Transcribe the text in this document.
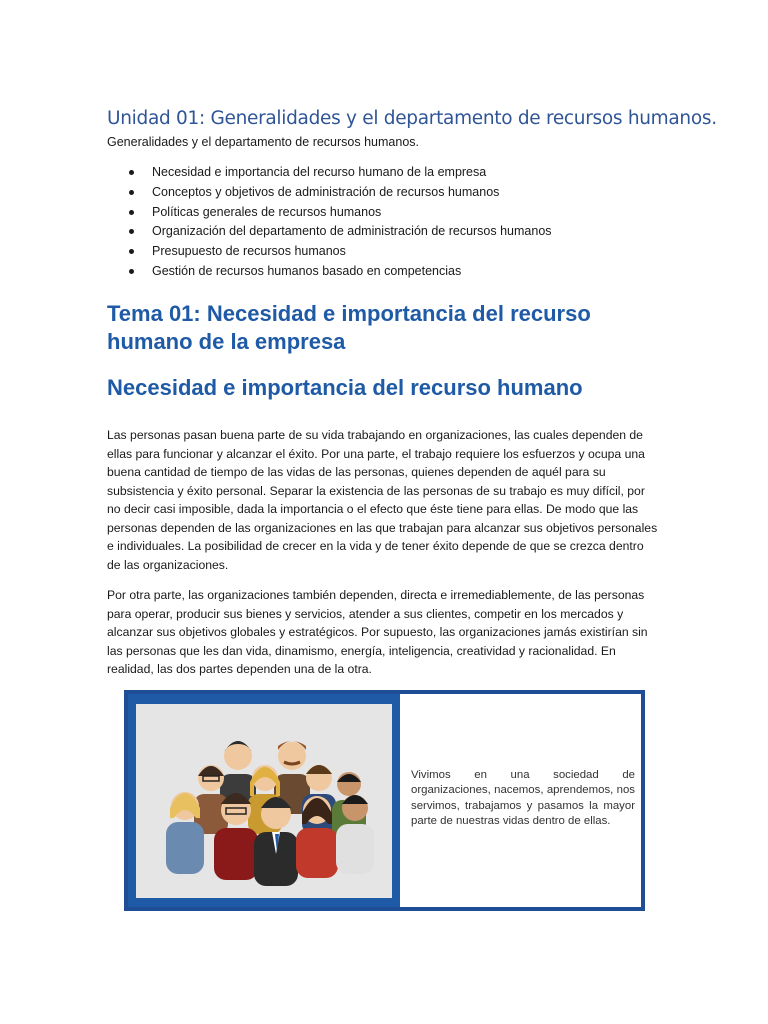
Unidad 01: Generalidades y el departamento de recursos humanos.

Generalidades y el departamento de recursos humanos.

Necesidad e importancia del recurso humano de la empresa
Conceptos y objetivos de administración de recursos humanos
Políticas generales de recursos humanos
Organización del departamento de administración de recursos humanos
Presupuesto de recursos humanos
Gestión de recursos humanos basado en competencias
Tema 01: Necesidad e importancia del recurso humano de la empresa
Necesidad e importancia del recurso humano

Las personas pasan buena parte de su vida trabajando en organizaciones, las cuales dependen de ellas para funcionar y alcanzar el éxito. Por una parte, el trabajo requiere los esfuerzos y ocupa una buena cantidad de tiempo de las vidas de las personas, quienes dependen de aquél para su subsistencia y éxito personal. Separar la existencia de las personas de su trabajo es muy difícil, por no decir casi imposible, dada la importancia o el efecto que éste tiene para ellas. De modo que las personas dependen de las organizaciones en las que trabajan para alcanzar sus objetivos personales e individuales. La posibilidad de crecer en la vida y de tener éxito depende de que se crezca dentro de las organizaciones.

Por otra parte, las organizaciones también dependen, directa e irremediablemente, de las personas para operar, producir sus bienes y servicios, atender a sus clientes, competir en los mercados y alcanzar sus objetivos globales y estratégicos. Por supuesto, las organizaciones jamás existirían sin las personas que les dan vida, dinamismo, energía, inteligencia, creatividad y racionalidad. En realidad, las dos partes dependen una de la otra.

Vivimos en una sociedad de organizaciones, nacemos, aprendemos, nos servimos, trabajamos y pasamos la mayor parte de nuestras vidas dentro de ellas.
